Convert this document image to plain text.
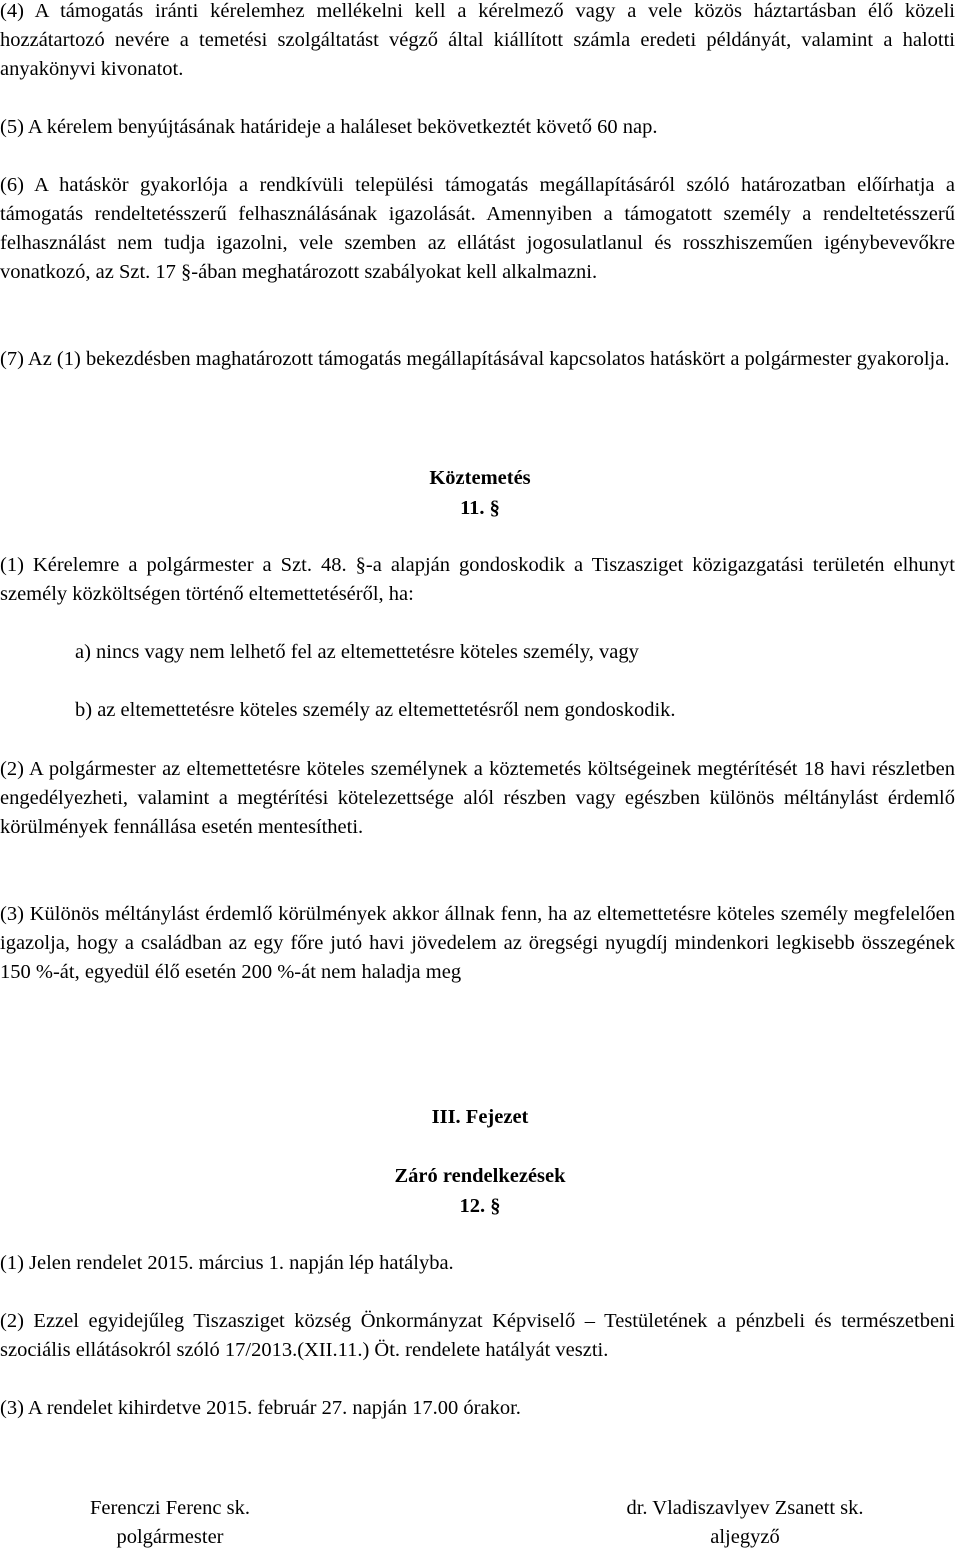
(4) A támogatás iránti kérelemhez mellékelni kell a kérelmező vagy a vele közös háztartásban élő közeli hozzátartozó nevére a temetési szolgáltatást végző által kiállított számla eredeti példányát, valamint a halotti anyakönyvi kivonatot.

(5) A kérelem benyújtásának határideje a haláleset bekövetkeztét követő 60 nap.

(6) A hatáskör gyakorlója a rendkívüli települési támogatás megállapításáról szóló határozatban előírhatja a támogatás rendeltetésszerű felhasználásának igazolását. Amennyiben a támogatott személy a rendeltetésszerű felhasználást nem tudja igazolni, vele szemben az ellátást jogosulatlanul és rosszhiszeműen igénybevevőkre vonatkozó, az Szt. 17 §-ában meghatározott szabályokat kell alkalmazni.

(7) Az (1) bekezdésben maghatározott támogatás megállapításával kapcsolatos hatáskört a polgármester gyakorolja.

Köztemetés

11. §

(1) Kérelemre a polgármester a Szt. 48. §-a alapján gondoskodik a Tiszasziget közigazgatási területén elhunyt személy közköltségen történő eltemettetéséről, ha:

a) nincs vagy nem lelhető fel az eltemettetésre köteles személy, vagy

b) az eltemettetésre köteles személy az eltemettetésről nem gondoskodik.

(2) A polgármester az eltemettetésre köteles személynek a köztemetés költségeinek megtérítését 18 havi részletben engedélyezheti, valamint a megtérítési kötelezettsége alól részben vagy egészben különös méltánylást érdemlő körülmények fennállása esetén mentesítheti.

(3) Különös méltánylást érdemlő körülmények akkor állnak fenn, ha az eltemettetésre köteles személy megfelelően igazolja, hogy a családban az egy főre jutó havi jövedelem az öregségi nyugdíj mindenkori legkisebb összegének 150 %-át, egyedül élő esetén 200 %-át nem haladja meg

III. Fejezet

Záró rendelkezések

12. §

(1) Jelen rendelet 2015. március 1. napján lép hatályba.

(2) Ezzel egyidejűleg Tiszasziget község Önkormányzat Képviselő – Testületének a pénzbeli és természetbeni szociális ellátásokról szóló 17/2013.(XII.11.) Öt. rendelete hatályát veszti.

(3) A rendelet kihirdetve 2015. február 27. napján 17.00 órakor.

Ferenczi Ferenc sk.

polgármester

dr. Vladiszavlyev Zsanett sk.

aljegyző
